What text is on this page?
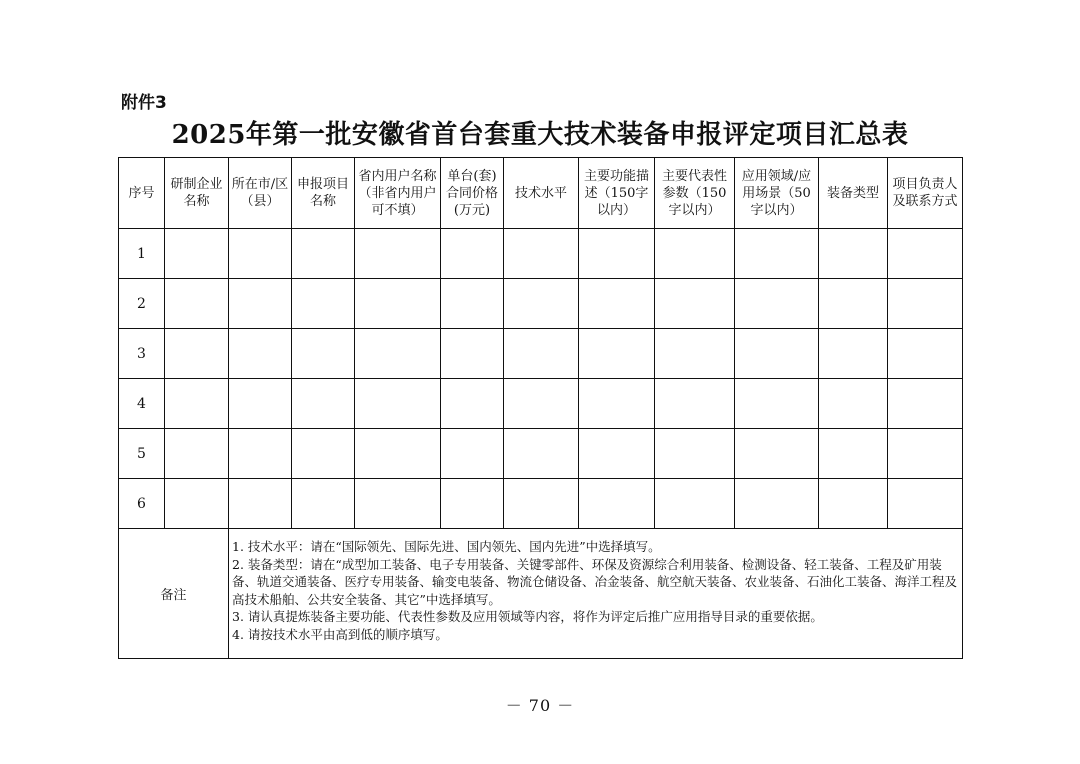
附件3
2025年第一批安徽省首台套重大技术装备申报评定项目汇总表
序号	研制企业名称	所在市/区（县）	申报项目名称	省内用户名称（非省内用户可不填）	单台(套)合同价格(万元)	技术水平	主要功能描述（150字以内）	主要代表性参数（150字以内）	应用领域/应用场景（50字以内）	装备类型	项目负责人及联系方式
1											
2											
3											
4											
5											
6											
备注		1. 技术水平：请在“国际领先、国际先进、国内领先、国内先进”中选择填写。
2. 装备类型：请在“成型加工装备、电子专用装备、关键零部件、环保及资源综合利用装备、检测设备、轻工装备、工程及矿用装备、轨道交通装备、医疗专用装备、输变电装备、物流仓储设备、冶金装备、航空航天装备、农业装备、石油化工装备、海洋工程及高技术船舶、公共安全装备、其它”中选择填写。
3. 请认真提炼装备主要功能、代表性参数及应用领域等内容，将作为评定后推广应用指导目录的重要依据。
4. 请按技术水平由高到低的顺序填写。									
－ 70 －
